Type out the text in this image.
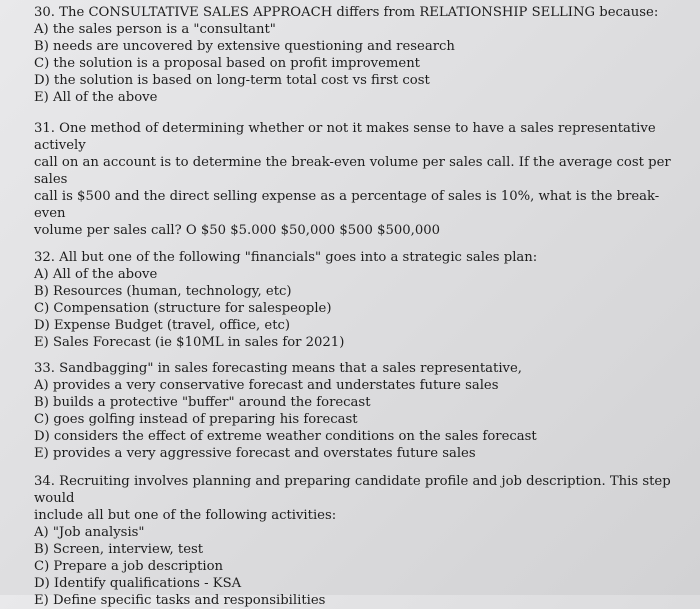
30. The CONSULTATIVE SALES APPROACH differs from RELATIONSHIP SELLING because:

A) the sales person is a "consultant"
B) needs are uncovered by extensive questioning and research
C) the solution is a proposal based on profit improvement
D) the solution is based on long-term total cost vs first cost
E) All of the above

31. One method of determining whether or not it makes sense to have a sales representative actively

call on an account is to determine the break-even volume per sales call. If the average cost per sales

call is $500 and the direct selling expense as a percentage of sales is 10%, what is the break-even

volume per sales call? O $50 $5.000 $50,000 $500 $500,000

32. All but one of the following "financials" goes into a strategic sales plan:

A) All of the above
B) Resources (human, technology, etc)
C) Compensation (structure for salespeople)
D) Expense Budget (travel, office, etc)
E) Sales Forecast (ie $10ML in sales for 2021)

33. Sandbagging" in sales forecasting means that a sales representative,

A) provides a very conservative forecast and understates future sales
B) builds a protective "buffer" around the forecast
C) goes golfing instead of preparing his forecast
D) considers the effect of extreme weather conditions on the sales forecast
E) provides a very aggressive forecast and overstates future sales

34. Recruiting involves planning and preparing candidate profile and job description. This step would

include all but one of the following activities:

A) "Job analysis"
B) Screen, interview, test
C) Prepare a job description
D) Identify qualifications - KSA
E) Define specific tasks and responsibilities
